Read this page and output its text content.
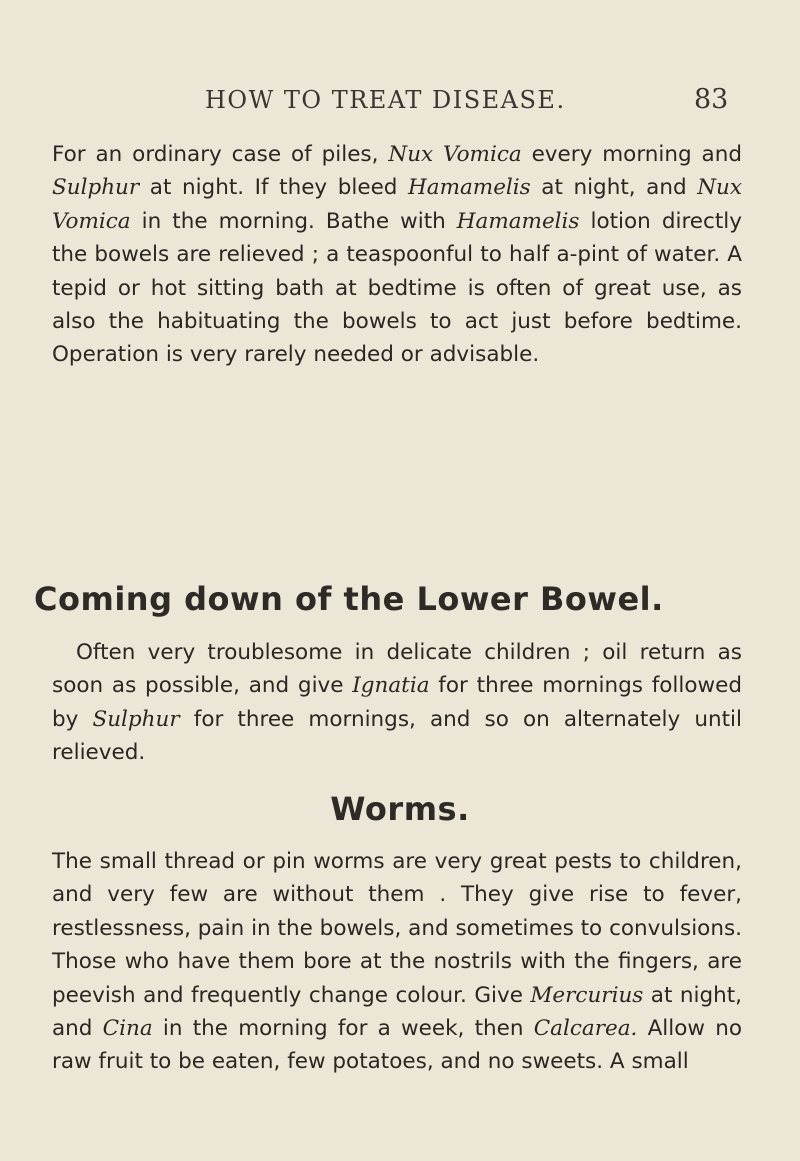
HOW TO TREAT DISEASE.	83

For an ordinary case of piles, Nux Vomica every morning and Sulphur at night. If they bleed Hamamelis at night, and Nux Vomica in the morning. Bathe with Hamamelis lotion directly the bowels are relieved ; a teaspoonful to half a-pint of water. A tepid or hot sitting bath at bedtime is often of great use, as also the habituating the bowels to act just before bedtime. Operation is very rarely needed or advisable.

Coming down of the Lower Bowel.

Often very troublesome in delicate children ; oil return as soon as possible, and give Ignatia for three mornings followed by Sulphur for three mornings, and so on alternately until relieved.

Worms.

The small thread or pin worms are very great pests to children, and very few are without them . They give rise to fever, restlessness, pain in the bowels, and sometimes to convulsions. Those who have them bore at the nostrils with the fingers, are peevish and frequently change colour. Give Mercurius at night, and Cina in the morning for a week, then Calcarea. Allow no raw fruit to be eaten, few potatoes, and no sweets. A small
